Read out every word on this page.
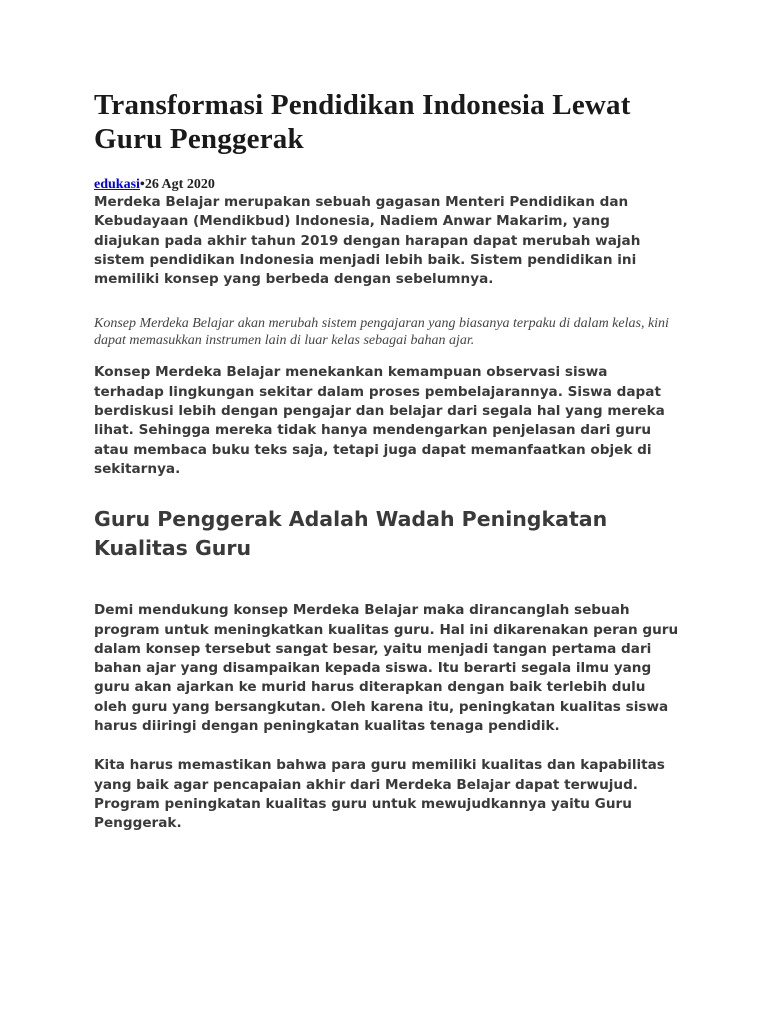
Transformasi Pendidikan Indonesia Lewat Guru Penggerak
edukasi•26 Agt 2020

Merdeka Belajar merupakan sebuah gagasan Menteri Pendidikan dan Kebudayaan (Mendikbud) Indonesia, Nadiem Anwar Makarim, yang diajukan pada akhir tahun 2019 dengan harapan dapat merubah wajah sistem pendidikan Indonesia menjadi lebih baik. Sistem pendidikan ini memiliki konsep yang berbeda dengan sebelumnya.

Konsep Merdeka Belajar akan merubah sistem pengajaran yang biasanya terpaku di dalam kelas, kini dapat memasukkan instrumen lain di luar kelas sebagai bahan ajar.

Konsep Merdeka Belajar menekankan kemampuan observasi siswa terhadap lingkungan sekitar dalam proses pembelajarannya. Siswa dapat berdiskusi lebih dengan pengajar dan belajar dari segala hal yang mereka lihat. Sehingga mereka tidak hanya mendengarkan penjelasan dari guru atau membaca buku teks saja, tetapi juga dapat memanfaatkan objek di sekitarnya.

Guru Penggerak Adalah Wadah Peningkatan Kualitas Guru

Demi mendukung konsep Merdeka Belajar maka dirancanglah sebuah program untuk meningkatkan kualitas guru. Hal ini dikarenakan peran guru dalam konsep tersebut sangat besar, yaitu menjadi tangan pertama dari bahan ajar yang disampaikan kepada siswa. Itu berarti segala ilmu yang guru akan ajarkan ke murid harus diterapkan dengan baik terlebih dulu oleh guru yang bersangkutan. Oleh karena itu, peningkatan kualitas siswa harus diiringi dengan peningkatan kualitas tenaga pendidik.

Kita harus memastikan bahwa para guru memiliki kualitas dan kapabilitas yang baik agar pencapaian akhir dari Merdeka Belajar dapat terwujud. Program peningkatan kualitas guru untuk mewujudkannya yaitu Guru Penggerak.
